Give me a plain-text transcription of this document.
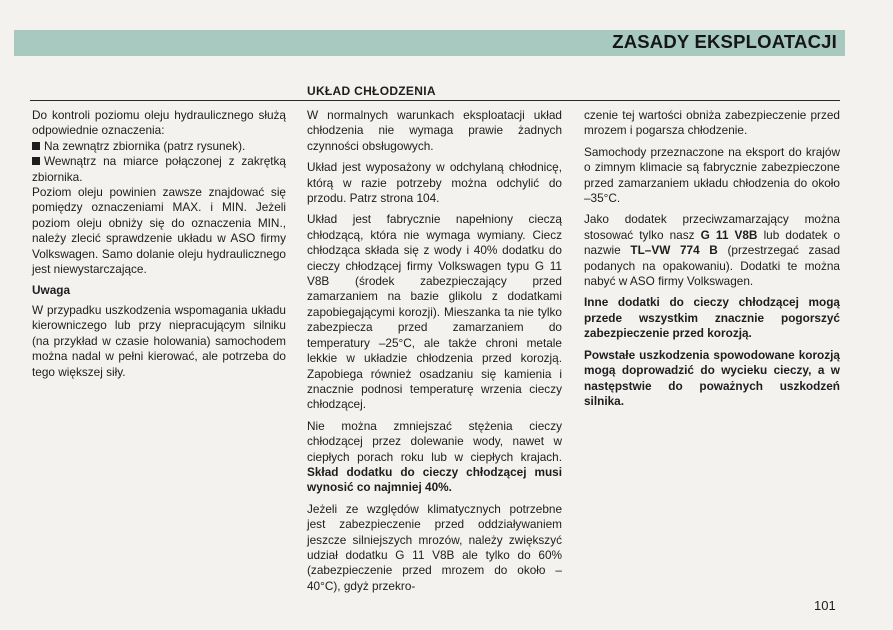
ZASADY EKSPLOATACJI
UKŁAD CHŁODZENIA

Do kontroli poziomu oleju hydraulicznego służą odpowiednie oznaczenia:

Na zewnątrz zbiornika (patrz rysunek).

Wewnątrz na miarce połączonej z zakrętką zbiornika.

Poziom oleju powinien zawsze znajdować się pomiędzy oznaczeniami MAX. i MIN. Jeżeli poziom oleju obniży się do oznaczenia MIN., należy zlecić sprawdzenie układu w ASO firmy Volkswagen. Samo dolanie oleju hydraulicznego jest niewystarczające.

Uwaga

W przypadku uszkodzenia wspomagania układu kierowniczego lub przy niepracującym silniku (na przykład w czasie holowania) samochodem można nadal w pełni kierować, ale potrzeba do tego większej siły.

W normalnych warunkach eksploatacji układ chłodzenia nie wymaga prawie żadnych czynności obsługowych.

Układ jest wyposażony w odchylaną chłodnicę, którą w razie potrzeby można odchylić do przodu. Patrz strona 104.

Układ jest fabrycznie napełniony cieczą chłodzącą, która nie wymaga wymiany. Ciecz chłodząca składa się z wody i 40% dodatku do cieczy chłodzącej firmy Volkswagen typu G 11 V8B (środek zabezpieczający przed zamarzaniem na bazie glikolu z dodatkami zapobiegającymi korozji). Mieszanka ta nie tylko zabezpiecza przed zamarzaniem do temperatury –25°C, ale także chroni metale lekkie w układzie chłodzenia przed korozją. Zapobiega również osadzaniu się kamienia i znacznie podnosi temperaturę wrzenia cieczy chłodzącej.

Nie można zmniejszać stężenia cieczy chłodzącej przez dolewanie wody, nawet w ciepłych porach roku lub w ciepłych krajach. Skład dodatku do cieczy chłodzącej musi wynosić co najmniej 40%.

Jeżeli ze względów klimatycznych potrzebne jest zabezpieczenie przed oddziaływaniem jeszcze silniejszych mrozów, należy zwiększyć udział dodatku G 11 V8B ale tylko do 60% (zabezpieczenie przed mrozem do około –40°C), gdyż przekro-

czenie tej wartości obniża zabezpieczenie przed mrozem i pogarsza chłodzenie.

Samochody przeznaczone na eksport do krajów o zimnym klimacie są fabrycznie zabezpieczone przed zamarzaniem układu chłodzenia do około –35°C.

Jako dodatek przeciwzamarzający można stosować tylko nasz G 11 V8B lub dodatek o nazwie TL–VW 774 B (przestrzegać zasad podanych na opakowaniu). Dodatki te można nabyć w ASO firmy Volkswagen.

Inne dodatki do cieczy chłodzącej mogą przede wszystkim znacznie pogorszyć zabezpieczenie przed korozją.

Powstałe uszkodzenia spowodowane korozją mogą doprowadzić do wycieku cieczy, a w następstwie do poważnych uszkodzeń silnika.

101
